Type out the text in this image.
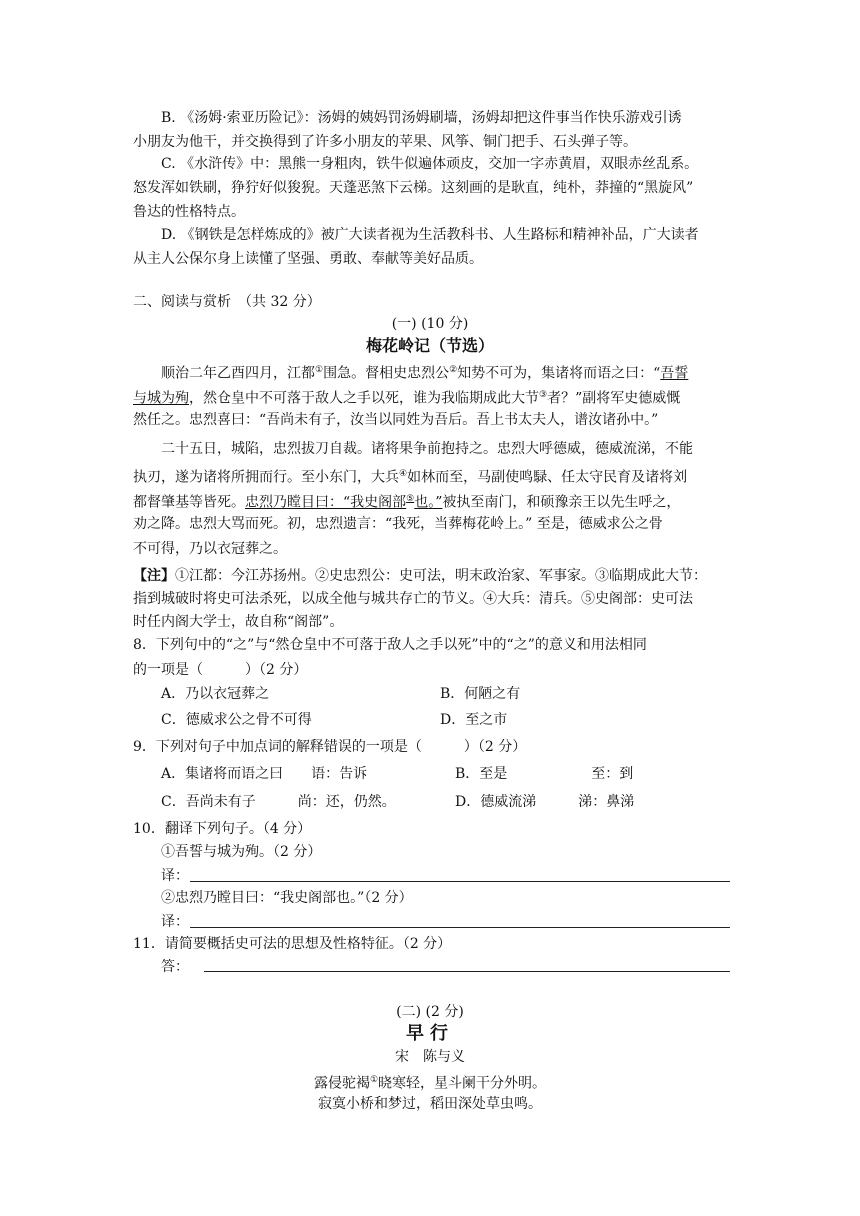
B. 《汤姆·索亚历险记》：汤姆的姨妈罚汤姆刷墙，汤姆却把这件事当作快乐游戏引诱
小朋友为他干，并交换得到了许多小朋友的苹果、风筝、铜门把手、石头弹子等。
C. 《水浒传》中：黑熊一身粗肉，铁牛似遍体顽皮，交加一字赤黄眉，双眼赤丝乱系。
怒发浑如铁刷，狰狞好似狻猊。天蓬恶煞下云梯。这刻画的是耿直，纯朴，莽撞的“黑旋风”
鲁达的性格特点。
D. 《钢铁是怎样炼成的》被广大读者视为生活教科书、人生路标和精神补品，广大读者
从主人公保尔身上读懂了坚强、勇敢、奉献等美好品质。
二、阅读与赏析　（共 32 分）
(一) (10 分)
梅花岭记（节选）
顺治二年乙酉四月，江都①围急。督相史忠烈公②知势不可为，集诸将而语之曰：“吾誓
与城为殉，然仓皇中不可落于敌人之手以死，谁为我临期成此大节③者？”副将军史德威慨
然任之。忠烈喜曰：“吾尚未有子，汝当以同姓为吾后。吾上书太夫人，谱汝诸孙中。”
二十五日，城陷，忠烈拔刀自裁。诸将果争前抱持之。忠烈大呼德威，德威流涕，不能
执刃，遂为诸将所拥而行。至小东门，大兵④如林而至，马副使鸣騄、任太守民育及诸将刘
都督肇基等皆死。忠烈乃瞠目曰：“我史阁部⑤也。”被执至南门，和硕豫亲王以先生呼之，
劝之降。忠烈大骂而死。初，忠烈遗言：“我死，当葬梅花岭上。” 至是，德威求公之骨
不可得，乃以衣冠葬之。
【注】①江都：今江苏扬州。②史忠烈公：史可法，明末政治家、军事家。③临期成此大节：
指到城破时将史可法杀死，以成全他与城共存亡的节义。④大兵：清兵。⑤史阁部：史可法
时任内阁大学士，故自称“阁部”。
8．下列句中的“之”与“然仓皇中不可落于敌人之手以死”中的“之”的意义和用法相同
的一项是（　　　）（2 分）
A．乃以衣冠葬之	B．何陋之有
C．德威求公之骨不可得	D．至之市
9．下列对句子中加点词的解释错误的一项是（　　　）（2 分）
A．集诸将而语之曰　　语：告诉	B．至是　　　　　　至：到
C．吾尚未有子　　　尚：还，仍然。	D．德威流涕　　　涕：鼻涕
10．翻译下列句子。（4 分）
①吾誓与城为殉。（2 分）
译：
②忠烈乃瞠目曰：“我史阁部也。”（2 分）
译：
11．请简要概括史可法的思想及性格特征。（2 分）
答：
(二) (2 分)
早行
宋　陈与义
露侵驼褐①晓寒轻，星斗阑干分外明。
寂寞小桥和梦过，稻田深处草虫鸣。
